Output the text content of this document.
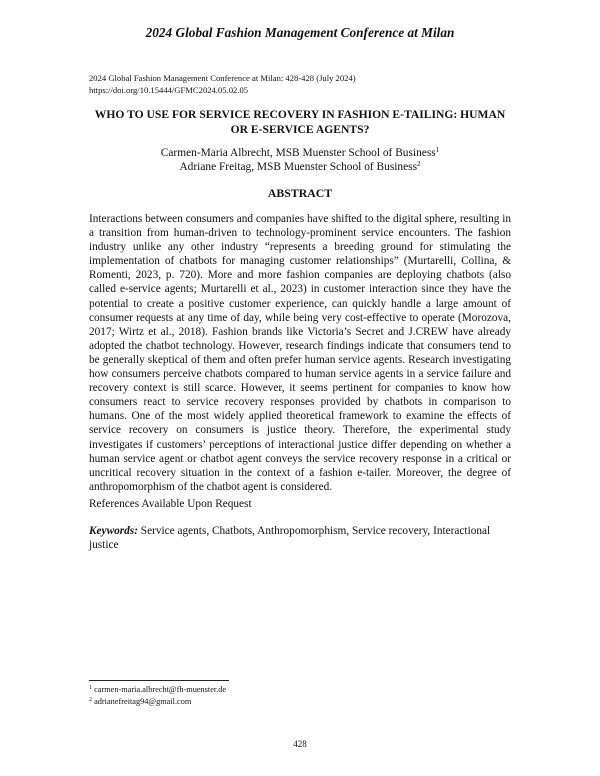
2024 Global Fashion Management Conference at Milan
2024 Global Fashion Management Conference at Milan: 428-428 (July 2024)
https://doi.org/10.15444/GFMC2024.05.02.05
WHO TO USE FOR SERVICE RECOVERY IN FASHION E-TAILING: HUMAN OR E-SERVICE AGENTS?
Carmen-Maria Albrecht, MSB Muenster School of Business$^1$
Adriane Freitag, MSB Muenster School of Business$^2$
ABSTRACT

Interactions between consumers and companies have shifted to the digital sphere, resulting in a transition from human-driven to technology-prominent service encounters. The fashion industry unlike any other industry “represents a breeding ground for stimulating the implementation of chatbots for managing customer relationships” (Murtarelli, Collina, & Romenti, 2023, p. 720). More and more fashion companies are deploying chatbots (also called e-service agents; Murtarelli et al., 2023) in customer interaction since they have the potential to create a positive customer experience, can quickly handle a large amount of consumer requests at any time of day, while being very cost-effective to operate (Morozova, 2017; Wirtz et al., 2018). Fashion brands like Victoria’s Secret and J.CREW have already adopted the chatbot technology. However, research findings indicate that consumers tend to be generally skeptical of them and often prefer human service agents. Research investigating how consumers perceive chatbots compared to human service agents in a service failure and recovery context is still scarce. However, it seems pertinent for companies to know how consumers react to service recovery responses provided by chatbots in comparison to humans. One of the most widely applied theoretical framework to examine the effects of service recovery on consumers is justice theory. Therefore, the experimental study investigates if customers’ perceptions of interactional justice differ depending on whether a human service agent or chatbot agent conveys the service recovery response in a critical or uncritical recovery situation in the context of a fashion e-tailer. Moreover, the degree of anthropomorphism of the chatbot agent is considered.

References Available Upon Request

Keywords: Service agents, Chatbots, Anthropomorphism, Service recovery, Interactional justice

$^1$ carmen-maria.albrecht@fh-muenster.de
$^2$ adrianefreitag94@gmail.com
428
